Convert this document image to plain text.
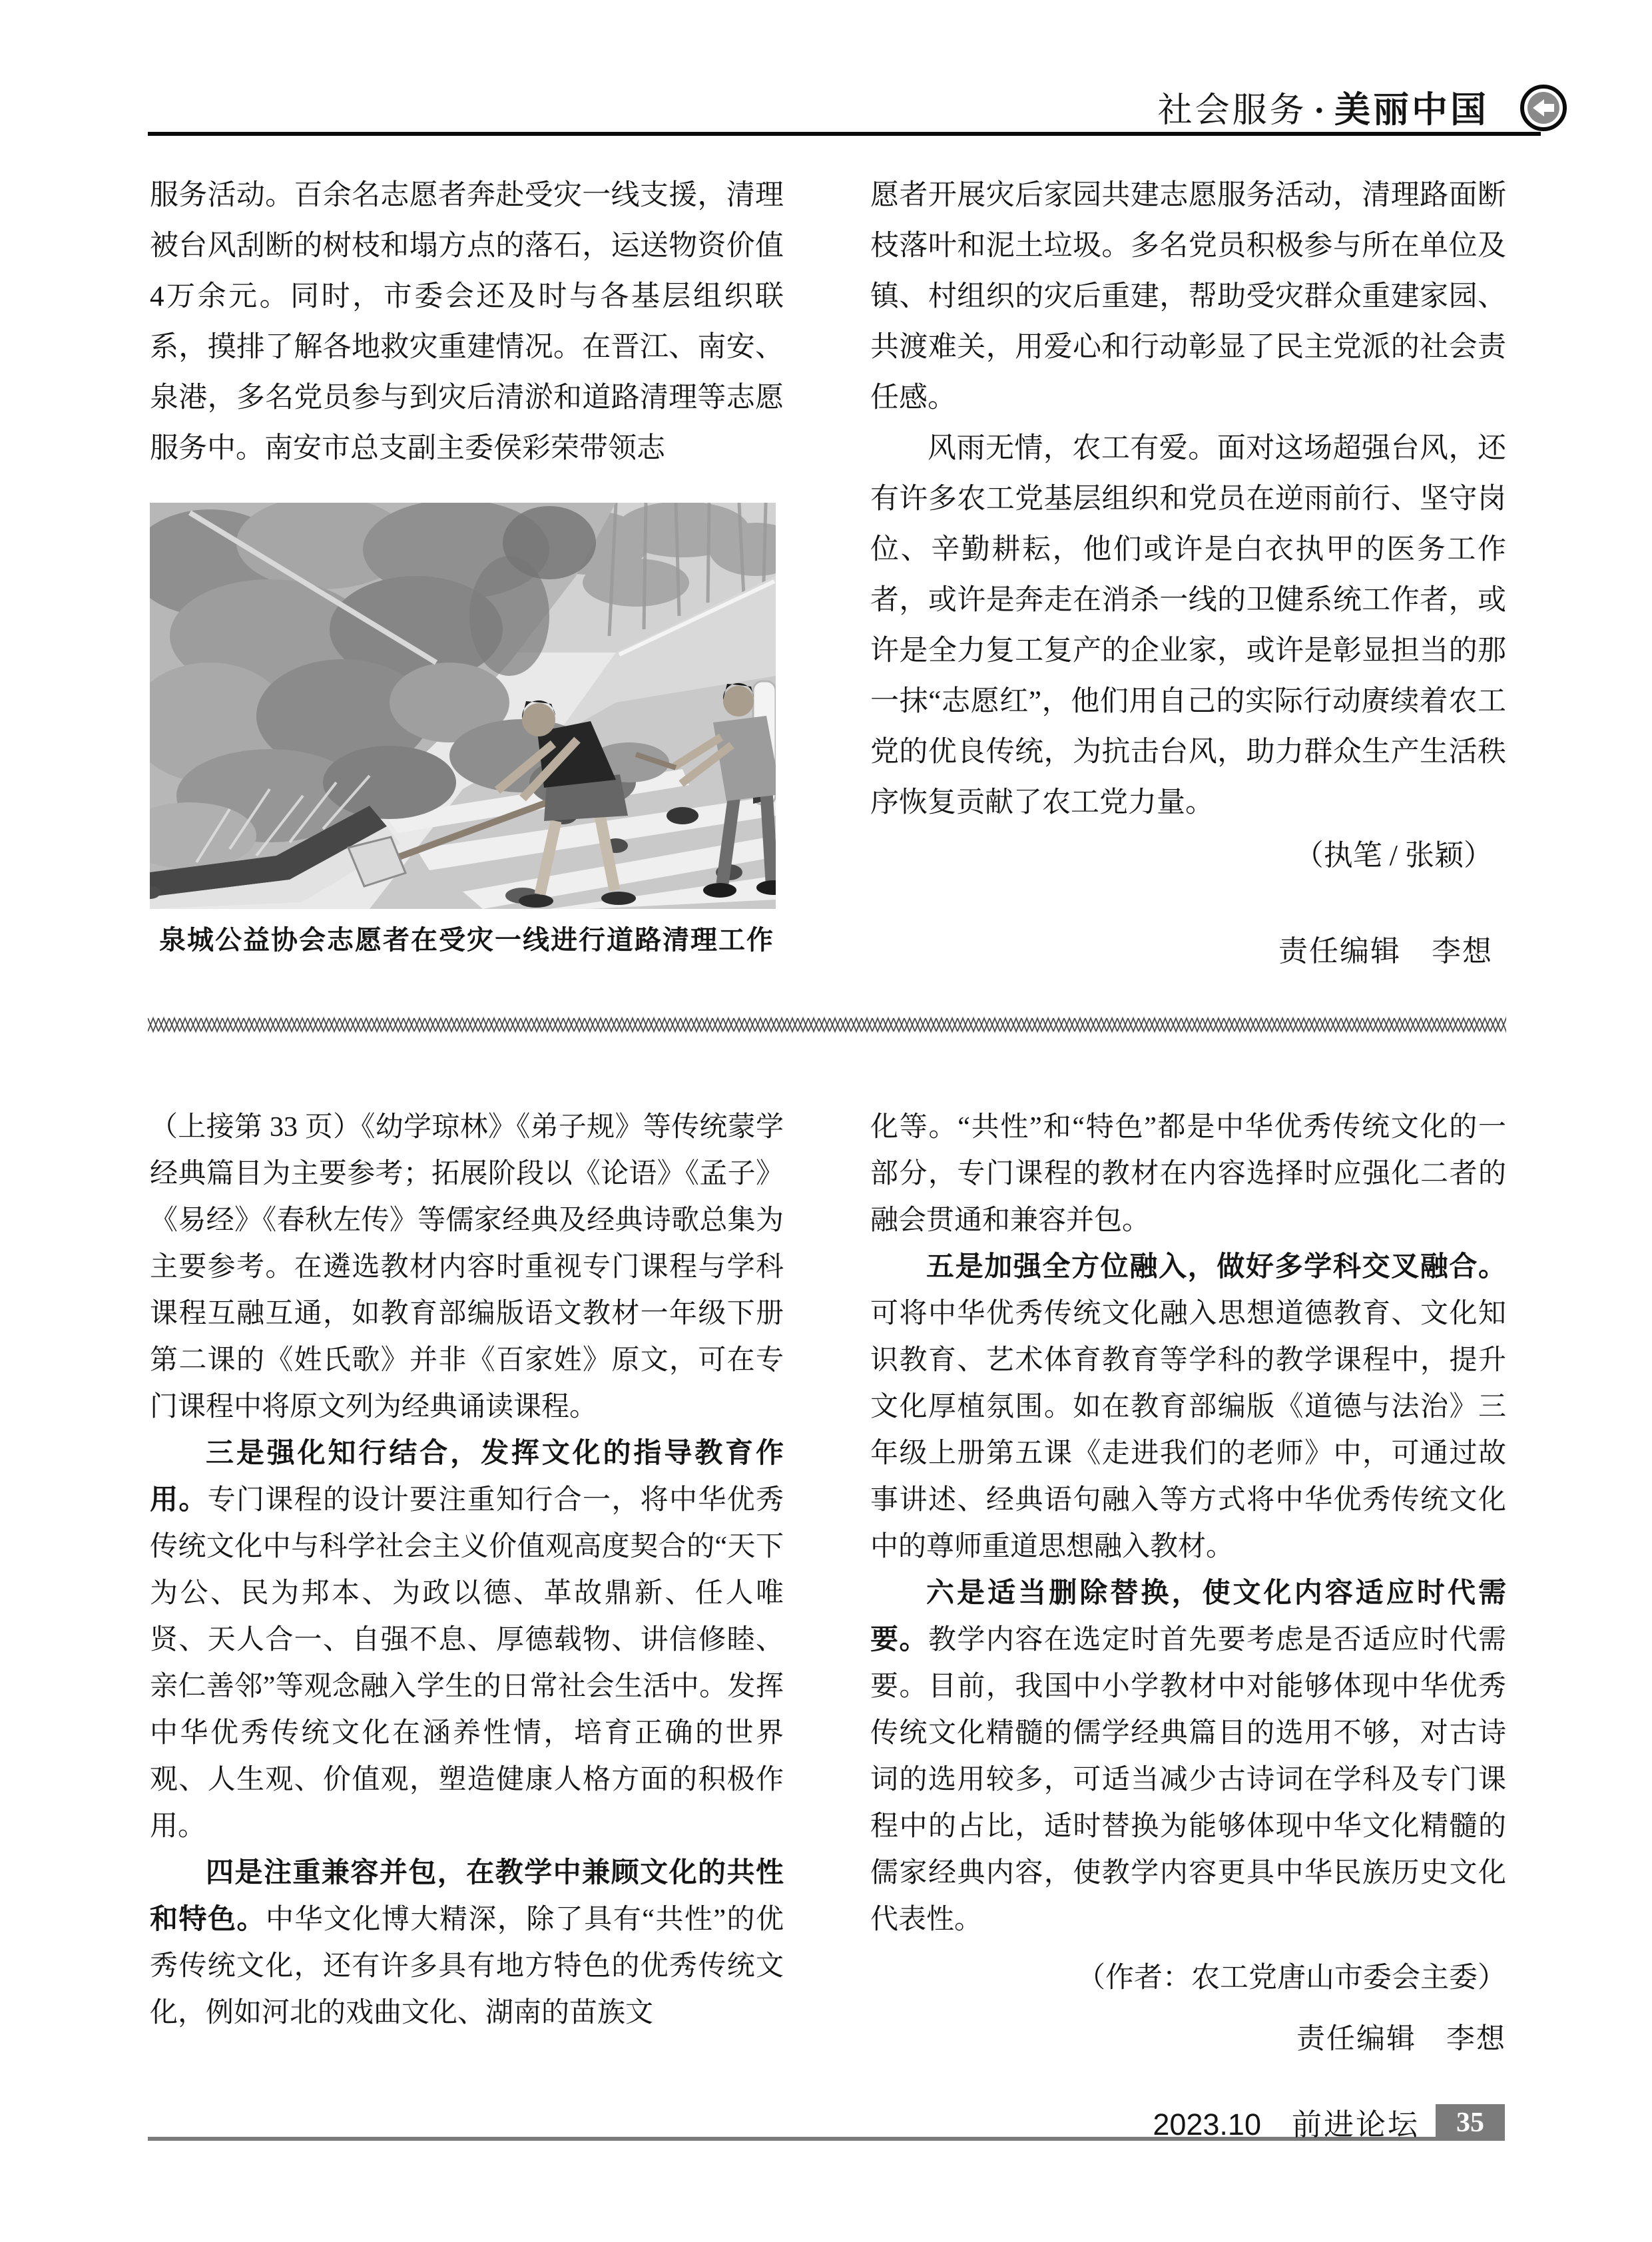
社会服务 · 美丽中国

服务活动。百余名志愿者奔赴受灾一线支援，清理被台风刮断的树枝和塌方点的落石，运送物资价值4万余元。同时，市委会还及时与各基层组织联系，摸排了解各地救灾重建情况。在晋江、南安、泉港，多名党员参与到灾后清淤和道路清理等志愿服务中。南安市总支副主委侯彩荣带领志

泉城公益协会志愿者在受灾一线进行道路清理工作

愿者开展灾后家园共建志愿服务活动，清理路面断枝落叶和泥土垃圾。多名党员积极参与所在单位及镇、村组织的灾后重建，帮助受灾群众重建家园、共渡难关，用爱心和行动彰显了民主党派的社会责任感。

风雨无情，农工有爱。面对这场超强台风，还有许多农工党基层组织和党员在逆雨前行、坚守岗位、辛勤耕耘，他们或许是白衣执甲的医务工作者，或许是奔走在消杀一线的卫健系统工作者，或许是全力复工复产的企业家，或许是彰显担当的那一抹“志愿红”，他们用自己的实际行动赓续着农工党的优良传统，为抗击台风，助力群众生产生活秩序恢复贡献了农工党力量。

（执笔 / 张颖）
责任编辑　李想

（上接第 33 页）《幼学琼林》《弟子规》等传统蒙学经典篇目为主要参考；拓展阶段以《论语》《孟子》《易经》《春秋左传》等儒家经典及经典诗歌总集为主要参考。在遴选教材内容时重视专门课程与学科课程互融互通，如教育部编版语文教材一年级下册第二课的《姓氏歌》并非《百家姓》原文，可在专门课程中将原文列为经典诵读课程。

三是强化知行结合，发挥文化的指导教育作用。专门课程的设计要注重知行合一，将中华优秀传统文化中与科学社会主义价值观高度契合的“天下为公、民为邦本、为政以德、革故鼎新、任人唯贤、天人合一、自强不息、厚德载物、讲信修睦、亲仁善邻”等观念融入学生的日常社会生活中。发挥中华优秀传统文化在涵养性情，培育正确的世界观、人生观、价值观，塑造健康人格方面的积极作用。

四是注重兼容并包，在教学中兼顾文化的共性和特色。中华文化博大精深，除了具有“共性”的优秀传统文化，还有许多具有地方特色的优秀传统文化，例如河北的戏曲文化、湖南的苗族文

化等。“共性”和“特色”都是中华优秀传统文化的一部分，专门课程的教材在内容选择时应强化二者的融会贯通和兼容并包。

五是加强全方位融入，做好多学科交叉融合。可将中华优秀传统文化融入思想道德教育、文化知识教育、艺术体育教育等学科的教学课程中，提升文化厚植氛围。如在教育部编版《道德与法治》三年级上册第五课《走进我们的老师》中，可通过故事讲述、经典语句融入等方式将中华优秀传统文化中的尊师重道思想融入教材。

六是适当删除替换，使文化内容适应时代需要。教学内容在选定时首先要考虑是否适应时代需要。目前，我国中小学教材中对能够体现中华优秀传统文化精髓的儒学经典篇目的选用不够，对古诗词的选用较多，可适当减少古诗词在学科及专门课程中的占比，适时替换为能够体现中华文化精髓的儒家经典内容，使教学内容更具中华民族历史文化代表性。

（作者：农工党唐山市委会主委）
责任编辑　李想
2023.10 前进论坛 35
